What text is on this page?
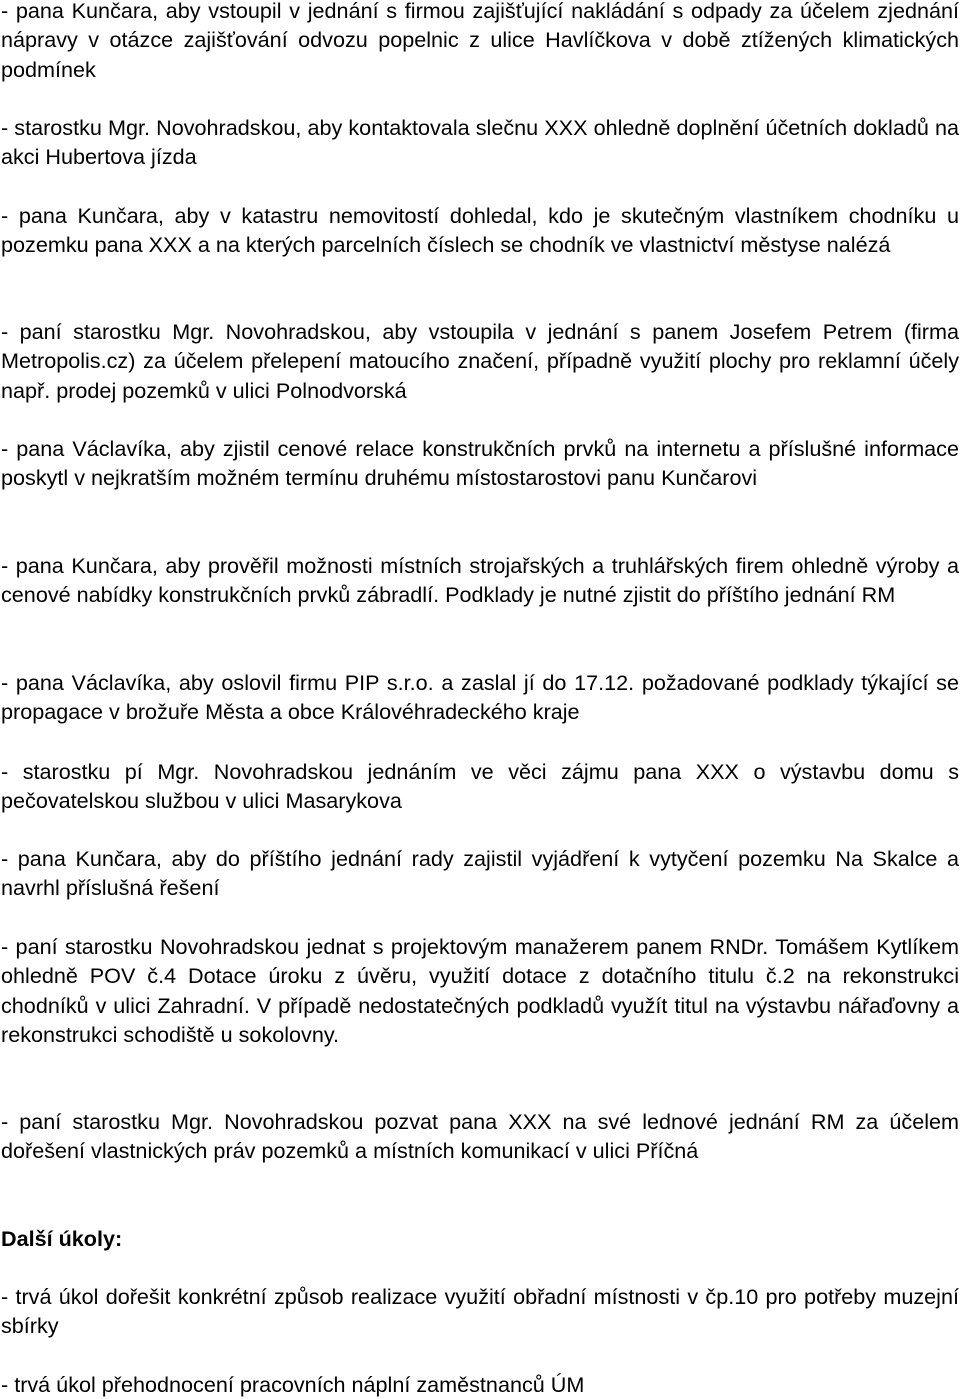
- pana Kunčara, aby vstoupil v jednání s firmou zajišťující nakládání s odpady za účelem zjednání nápravy v otázce zajišťování odvozu popelnic z ulice Havlíčkova v době ztížených klimatických podmínek

- starostku Mgr. Novohradskou, aby kontaktovala slečnu XXX ohledně doplnění účetních dokladů na akci Hubertova jízda

- pana Kunčara, aby v katastru nemovitostí dohledal, kdo je skutečným vlastníkem chodníku u pozemku pana XXX a na kterých parcelních číslech se chodník ve vlastnictví městyse nalézá

- paní starostku Mgr. Novohradskou, aby vstoupila v jednání s panem Josefem Petrem (firma Metropolis.cz) za účelem přelepení matoucího značení, případně využití plochy pro reklamní účely např. prodej pozemků v ulici Polnodvorská

- pana Václavíka, aby zjistil cenové relace konstrukčních prvků na internetu a příslušné informace poskytl v nejkratším možném termínu druhému místostarostovi panu Kunčarovi

- pana Kunčara, aby prověřil možnosti místních strojařských a truhlářských firem ohledně výroby a cenové nabídky konstrukčních prvků zábradlí. Podklady je nutné zjistit do příštího jednání RM

- pana Václavíka, aby oslovil firmu PIP s.r.o. a zaslal jí do 17.12. požadované podklady týkající se propagace v brožuře Města a obce Královéhradeckého kraje

- starostku pí Mgr. Novohradskou jednáním ve věci zájmu pana XXX o výstavbu domu s pečovatelskou službou v ulici Masarykova

- pana Kunčara, aby do příštího jednání rady zajistil vyjádření k vytyčení pozemku Na Skalce a navrhl příslušná řešení

- paní starostku Novohradskou jednat s projektovým manažerem panem RNDr. Tomášem Kytlíkem ohledně POV č.4 Dotace úroku z úvěru, využití dotace z dotačního titulu č.2 na rekonstrukci chodníků v ulici Zahradní. V případě nedostatečných podkladů využít titul na výstavbu nářaďovny a rekonstrukci schodiště u sokolovny.

- paní starostku Mgr. Novohradskou pozvat pana XXX na své lednové jednání RM za účelem dořešení vlastnických práv pozemků a místních komunikací v ulici Příčná

Další úkoly:

- trvá úkol dořešit konkrétní způsob realizace využití obřadní místnosti v čp.10 pro potřeby muzejní sbírky

- trvá úkol přehodnocení pracovních náplní zaměstnanců ÚM
